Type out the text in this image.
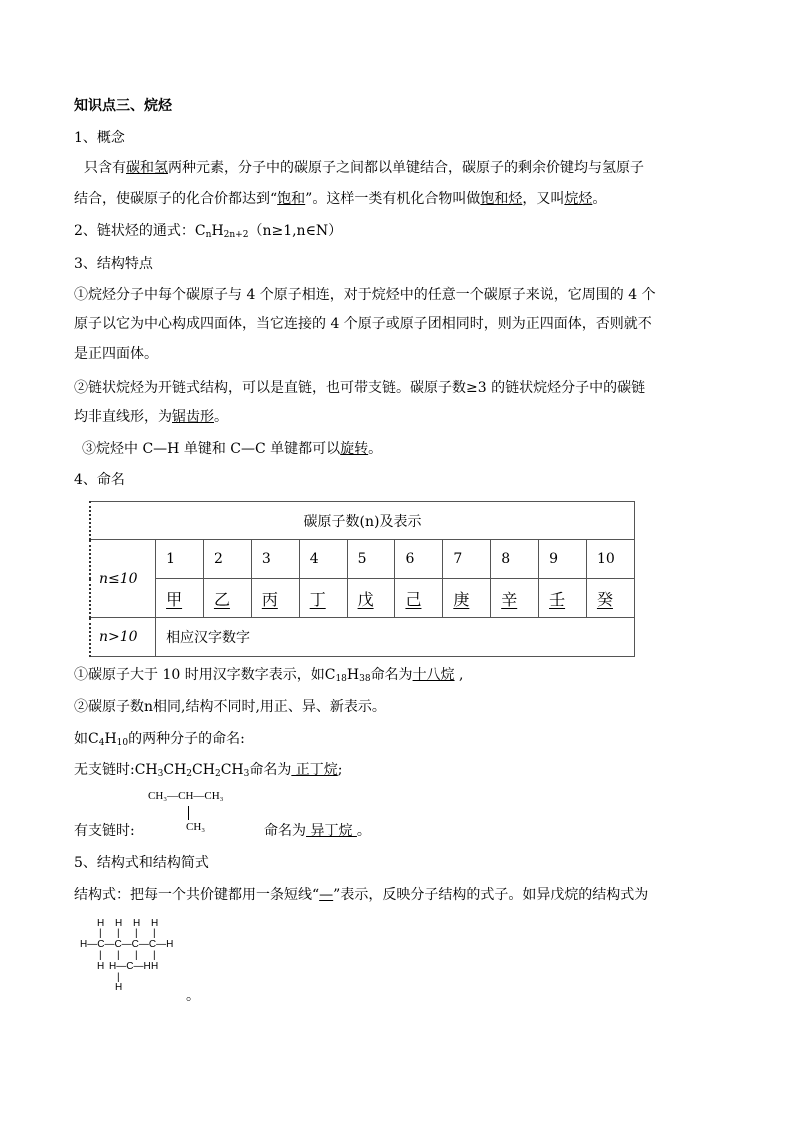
知识点三、烷烃
1、概念
只含有碳和氢两种元素，分子中的碳原子之间都以单键结合，碳原子的剩余价键均与氢原子
结合，使碳原子的化合价都达到“饱和”。这样一类有机化合物叫做饱和烃，又叫烷烃。
2、链状烃的通式：$C_nH_{2n+2}(n\ge 1,n\in N)$
3、结构特点
①烷烃分子中每个碳原子与 4 个原子相连，对于烷烃中的任意一个碳原子来说，它周围的 4 个
原子以它为中心构成四面体，当它连接的 4 个原子或原子团相同时，则为正四面体，否则就不
是正四面体。
②链状烷烃为开链式结构，可以是直链，也可带支链。碳原子数≥3 的链状烷烃分子中的碳链
均非直线形，为锯齿形。
③烷烃中 C—H 单键和 C—C 单键都可以旋转。
4、命名
碳原子数(n)及表示										
n≤10	1	2	3	4	5	6	7	8	9	10
	甲	乙	丙	丁	戊	己	庚	辛	壬	癸
n>10	相应汉字数字									
①碳原子大于 10 时用汉字数字表示，如$C_{18}H_{38}$命名为十八烷 ,
②碳原子数n相同,结构不同时,用正、异、新表示。
如$C_4H_{10}$的两种分子的命名:
无支链时$:CH_3CH_2CH_2CH_3$命名为 正丁烷;
CH₃—CH—CH₃
CH₃
有支链时:	命名为 异丁烷 。
5、结构式和结构简式
结构式：把每一个共价键都用一条短线“—”表示，反映分子结构的式子。如异戊烷的结构式为
H H H H
| | | |
H—C—C—C—C—H
| | | |
H H—C—H H
|
H
。
